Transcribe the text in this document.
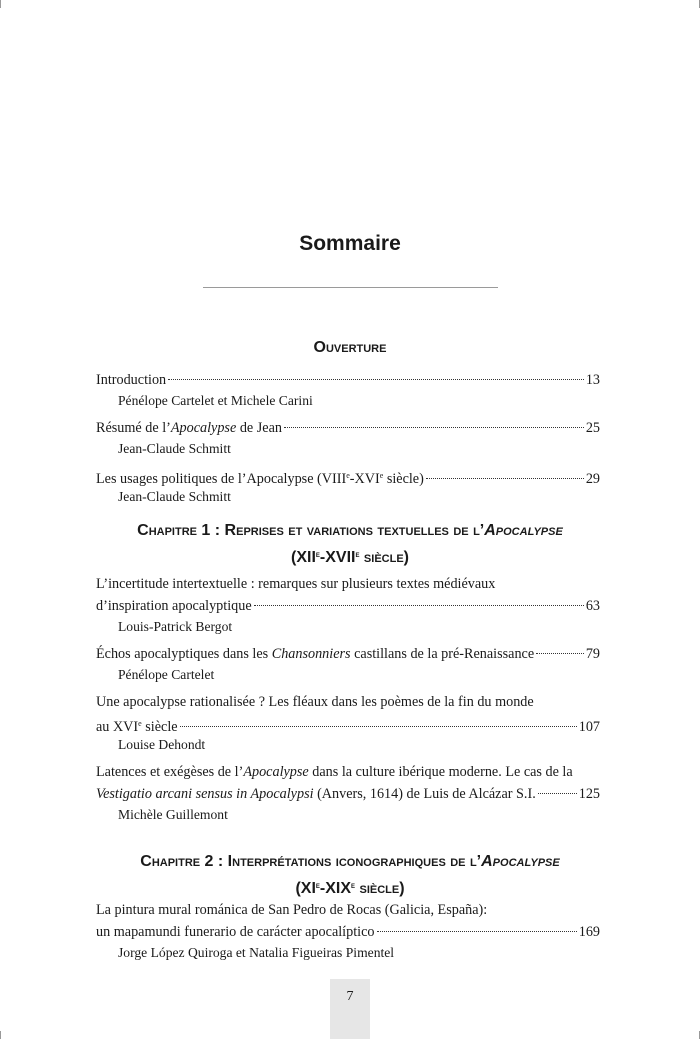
Sommaire
Ouverture
Introduction	13
Pénélope Cartelet et Michele Carini
Résumé de l’Apocalypse de Jean	25
Jean-Claude Schmitt
Les usages politiques de l’Apocalypse (VIIIe-XVIe siècle)	29
Jean-Claude Schmitt
Chapitre 1 : Reprises et variations textuelles de l’Apocalypse
(XIIe-XVIIe siècle)
L’incertitude intertextuelle : remarques sur plusieurs textes médiévaux
d’inspiration apocalyptique	63
Louis-Patrick Bergot
Échos apocalyptiques dans les Chansonniers castillans de la pré-Renaissance	79
Pénélope Cartelet
Une apocalypse rationalisée ? Les fléaux dans les poèmes de la fin du monde
au XVIe siècle	107
Louise Dehondt
Latences et exégèses de l’Apocalypse dans la culture ibérique moderne. Le cas de la
Vestigatio arcani sensus in Apocalypsi (Anvers, 1614) de Luis de Alcázar S.I.	125
Michèle Guillemont
Chapitre 2 : Interprétations iconographiques de l’Apocalypse
(XIe-XIXe siècle)
La pintura mural románica de San Pedro de Rocas (Galicia, España):
un mapamundi funerario de carácter apocalíptico	169
Jorge López Quiroga et Natalia Figueiras Pimentel
7
